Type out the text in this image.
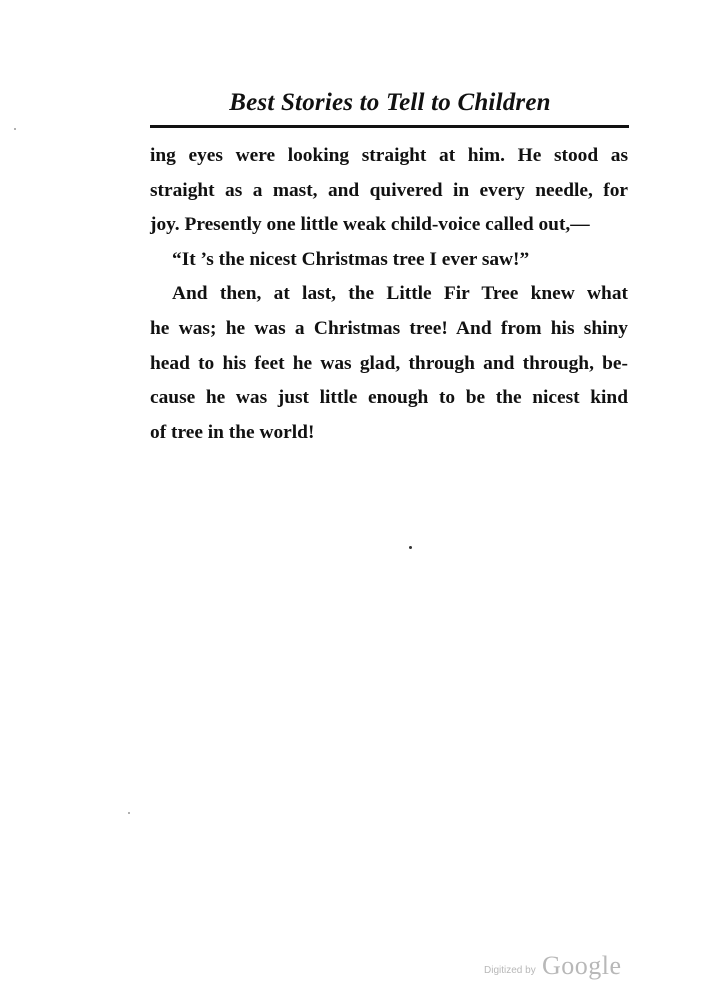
Best Stories to Tell to Children
ing eyes were looking straight at him. He stood as
straight as a mast, and quivered in every needle, for
joy. Presently one little weak child-voice called out,—
“It ’s the nicest Christmas tree I ever saw!”
And then, at last, the Little Fir Tree knew what
he was; he was a Christmas tree! And from his shiny
head to his feet he was glad, through and through, be-
cause he was just little enough to be the nicest kind
of tree in the world!
Digitized by Google
